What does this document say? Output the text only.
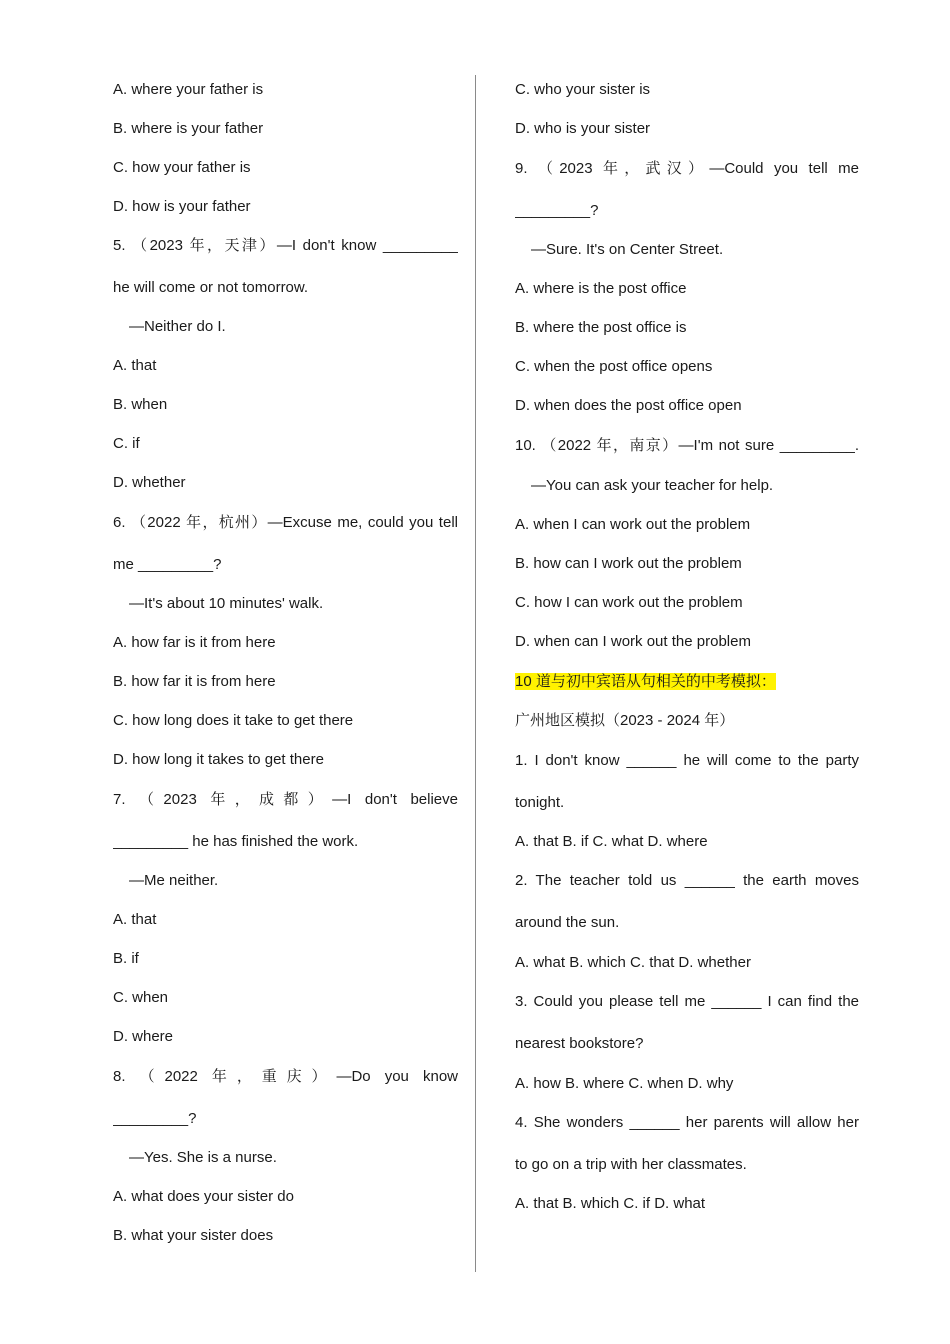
A. where your father is
B. where is your father
C. how your father is
D. how is your father
5. （2023 年，天津）—I don't know _________
he will come or not tomorrow.
—Neither do I.
A. that
B. when
C. if
D. whether
6. （2022 年，杭州）—Excuse me, could you tell
me _________?
—It's about 10 minutes' walk.
A. how far is it from here
B. how far it is from here
C. how long does it take to get there
D. how long it takes to get there
7. （2023 年，成都）—I don't believe
_________ he has finished the work.
—Me neither.
A. that
B. if
C. when
D. where
8. （2022 年，重庆）—Do you know
_________?
—Yes. She is a nurse.
A. what does your sister do
B. what your sister does
C. who your sister is
D. who is your sister
9. （2023 年，武汉）—Could you tell me
_________?
—Sure. It's on Center Street.
A. where is the post office
B. where the post office is
C. when the post office opens
D. when does the post office open
10. （2022 年，南京）—I'm not sure _________.
—You can ask your teacher for help.
A. when I can work out the problem
B. how can I work out the problem
C. how I can work out the problem
D. when can I work out the problem
10 道与初中宾语从句相关的中考模拟：
广州地区模拟（2023 - 2024 年）
1. I don't know ______ he will come to the party
tonight.
A. that B. if C. what D. where
2. The teacher told us ______ the earth moves
around the sun.
A. what B. which C. that D. whether
3. Could you please tell me ______ I can find the
nearest bookstore?
A. how B. where C. when D. why
4. She wonders ______ her parents will allow her
to go on a trip with her classmates.
A. that B. which C. if D. what
